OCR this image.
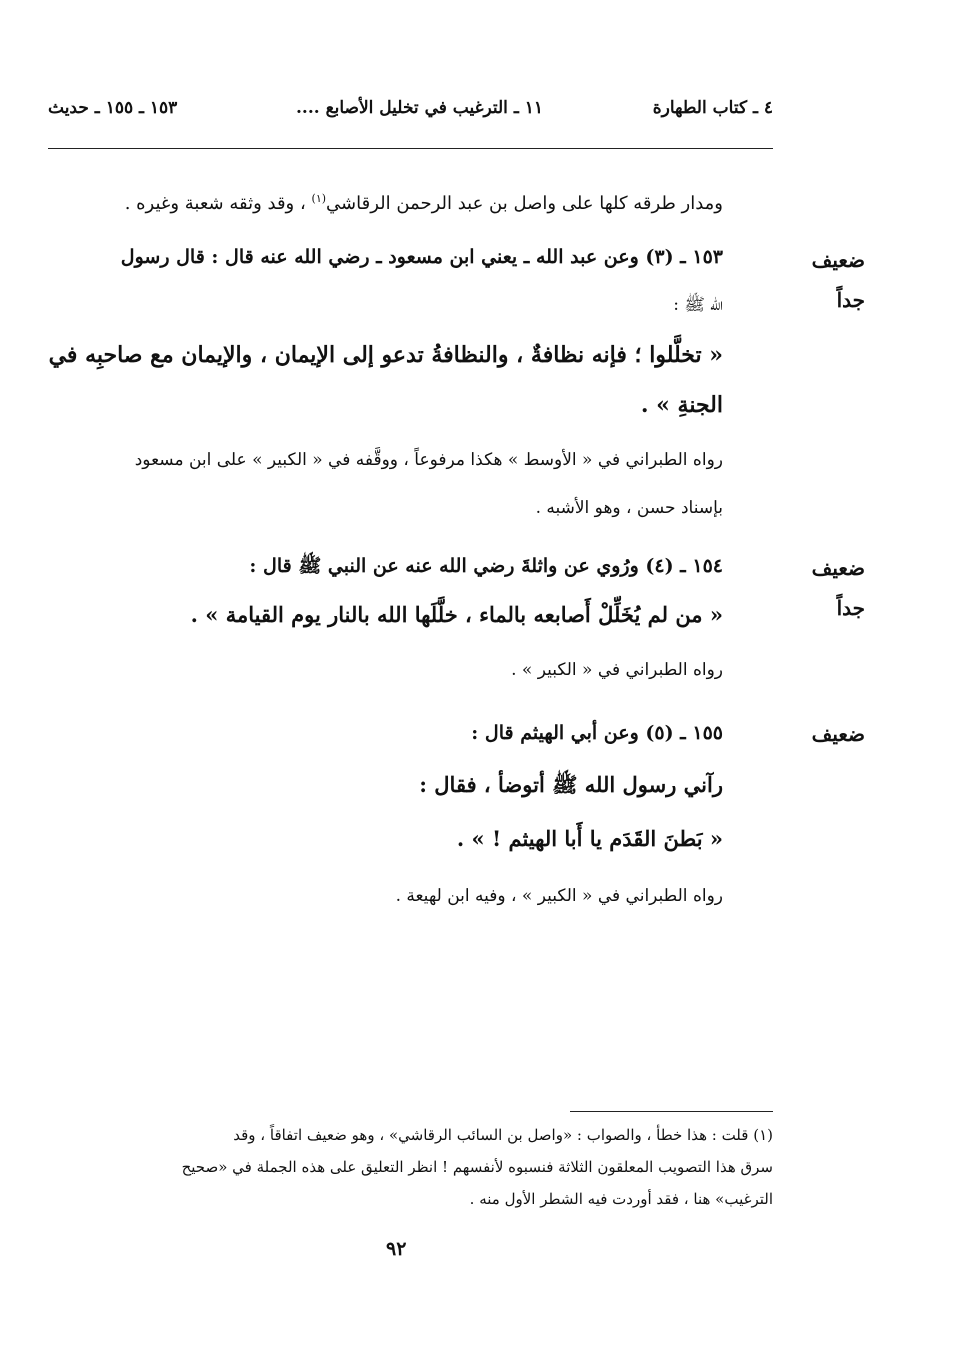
٤ ـ كتاب الطهارة
١١ ـ الترغيب في تخليل الأصابع ....
١٥٣ ـ ١٥٥ ـ حديث
ومدار طرقه كلها على واصل بن عبد الرحمن الرقاشي$^{(١)}$ ، وقد وثقه شعبة وغيره .
ضعيف
جداً
١٥٣ ـ (٣) وعن عبد الله ـ يعني ابن مسعود ـ رضي الله عنه قال : قال رسول
الله ﷺ :
« تخلَّلوا ؛ فإنه نظافةٌ ، والنظافةُ تدعو إلى الإيمان ، والإيمان مع صاحبِه في
الجنةِ » .
رواه الطبراني في « الأوسط » هكذا مرفوعاً ، ووقَّفه في « الكبير » على ابن مسعود
بإسناد حسن ، وهو الأشبه .
ضعيف
جداً
١٥٤ ـ (٤) ورُوي عن واثلةَ رضي الله عنه عن النبي ﷺ قال :
« من لم يُخَلِّلْ أَصابعه بالماء ، خلَّلَها الله بالنار يوم القيامة » .
رواه الطبراني في « الكبير » .
ضعيف
١٥٥ ـ (٥) وعن أبي الهيثم قال :
رآني رسول الله ﷺ أتوضأ ، فقال :
« بَطنَ القَدَم يا أَبا الهيثم ! » .
رواه الطبراني في « الكبير » ، وفيه ابن لهيعة .
(١) قلت : هذا خطأ ، والصواب : «واصل بن السائب الرقاشي» ، وهو ضعيف اتفاقاً ، وقد
سرق هذا التصويب المعلقون الثلاثة فنسبوه لأنفسهم ! انظر التعليق على هذه الجملة في «صحيح
الترغيب» هنا ، فقد أوردت فيه الشطر الأول منه .
٩٢
